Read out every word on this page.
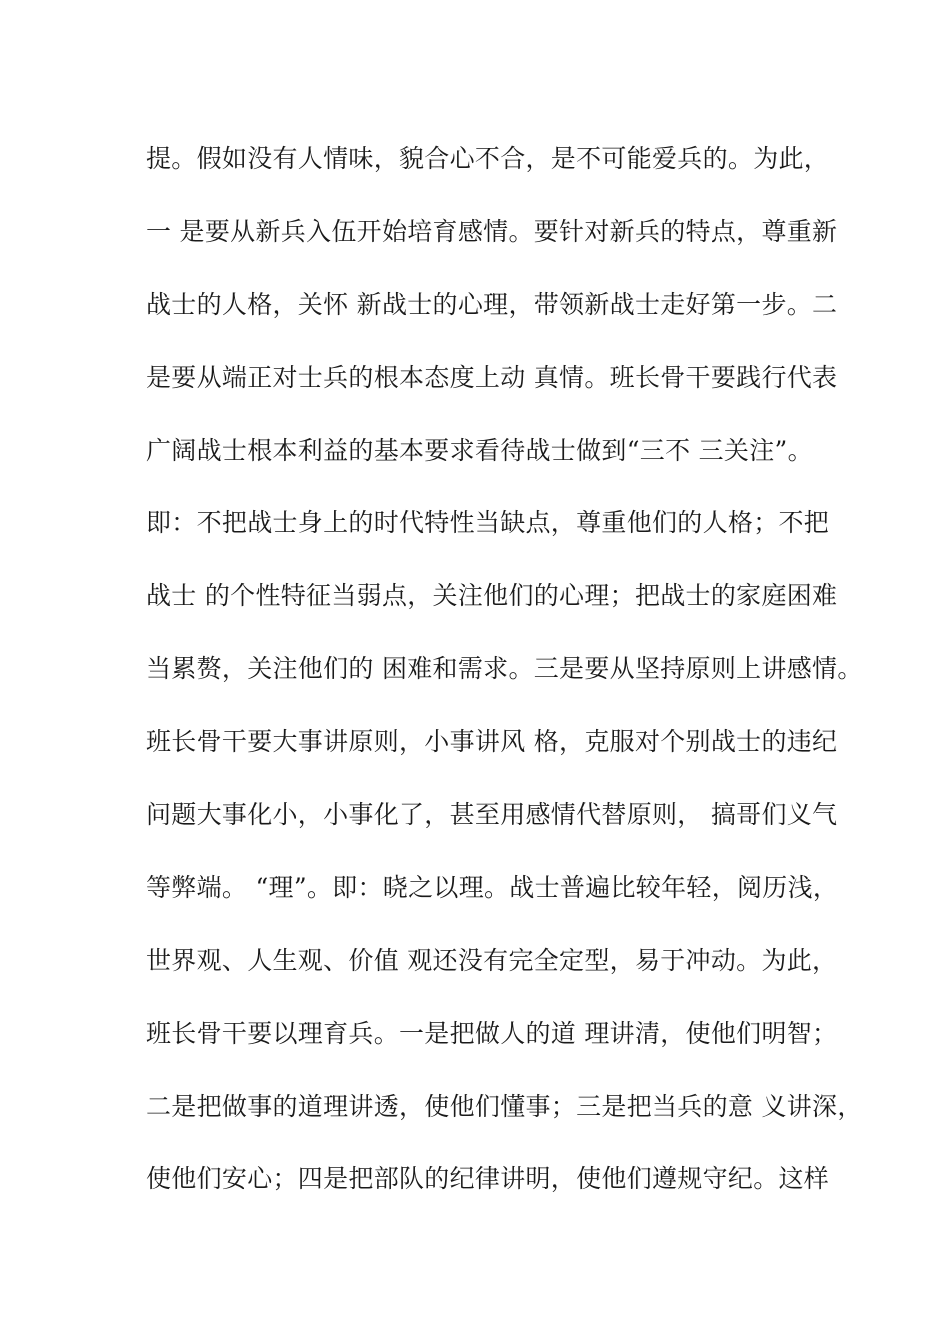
提。假如没有人情味，貌合心不合，是不可能爱兵的。为此，
一 是要从新兵入伍开始培育感情。要针对新兵的特点，尊重新
战士的人格，关怀 新战士的心理，带领新战士走好第一步。二
是要从端正对士兵的根本态度上动 真情。班长骨干要践行代表
广阔战士根本利益的基本要求看待战士做到“三不 三关注”。
即：不把战士身上的时代特性当缺点，尊重他们的人格；不把
战士 的个性特征当弱点，关注他们的心理；把战士的家庭困难
当累赘，关注他们的 困难和需求。三是要从坚持原则上讲感情。
班长骨干要大事讲原则，小事讲风 格，克服对个别战士的违纪
问题大事化小，小事化了，甚至用感情代替原则， 搞哥们义气
等弊端。 “理”。即：晓之以理。战士普遍比较年轻，阅历浅，
世界观、人生观、价值 观还没有完全定型，易于冲动。为此，
班长骨干要以理育兵。一是把做人的道 理讲清，使他们明智；
二是把做事的道理讲透，使他们懂事；三是把当兵的意 义讲深，
使他们安心；四是把部队的纪律讲明，使他们遵规守纪。这样
